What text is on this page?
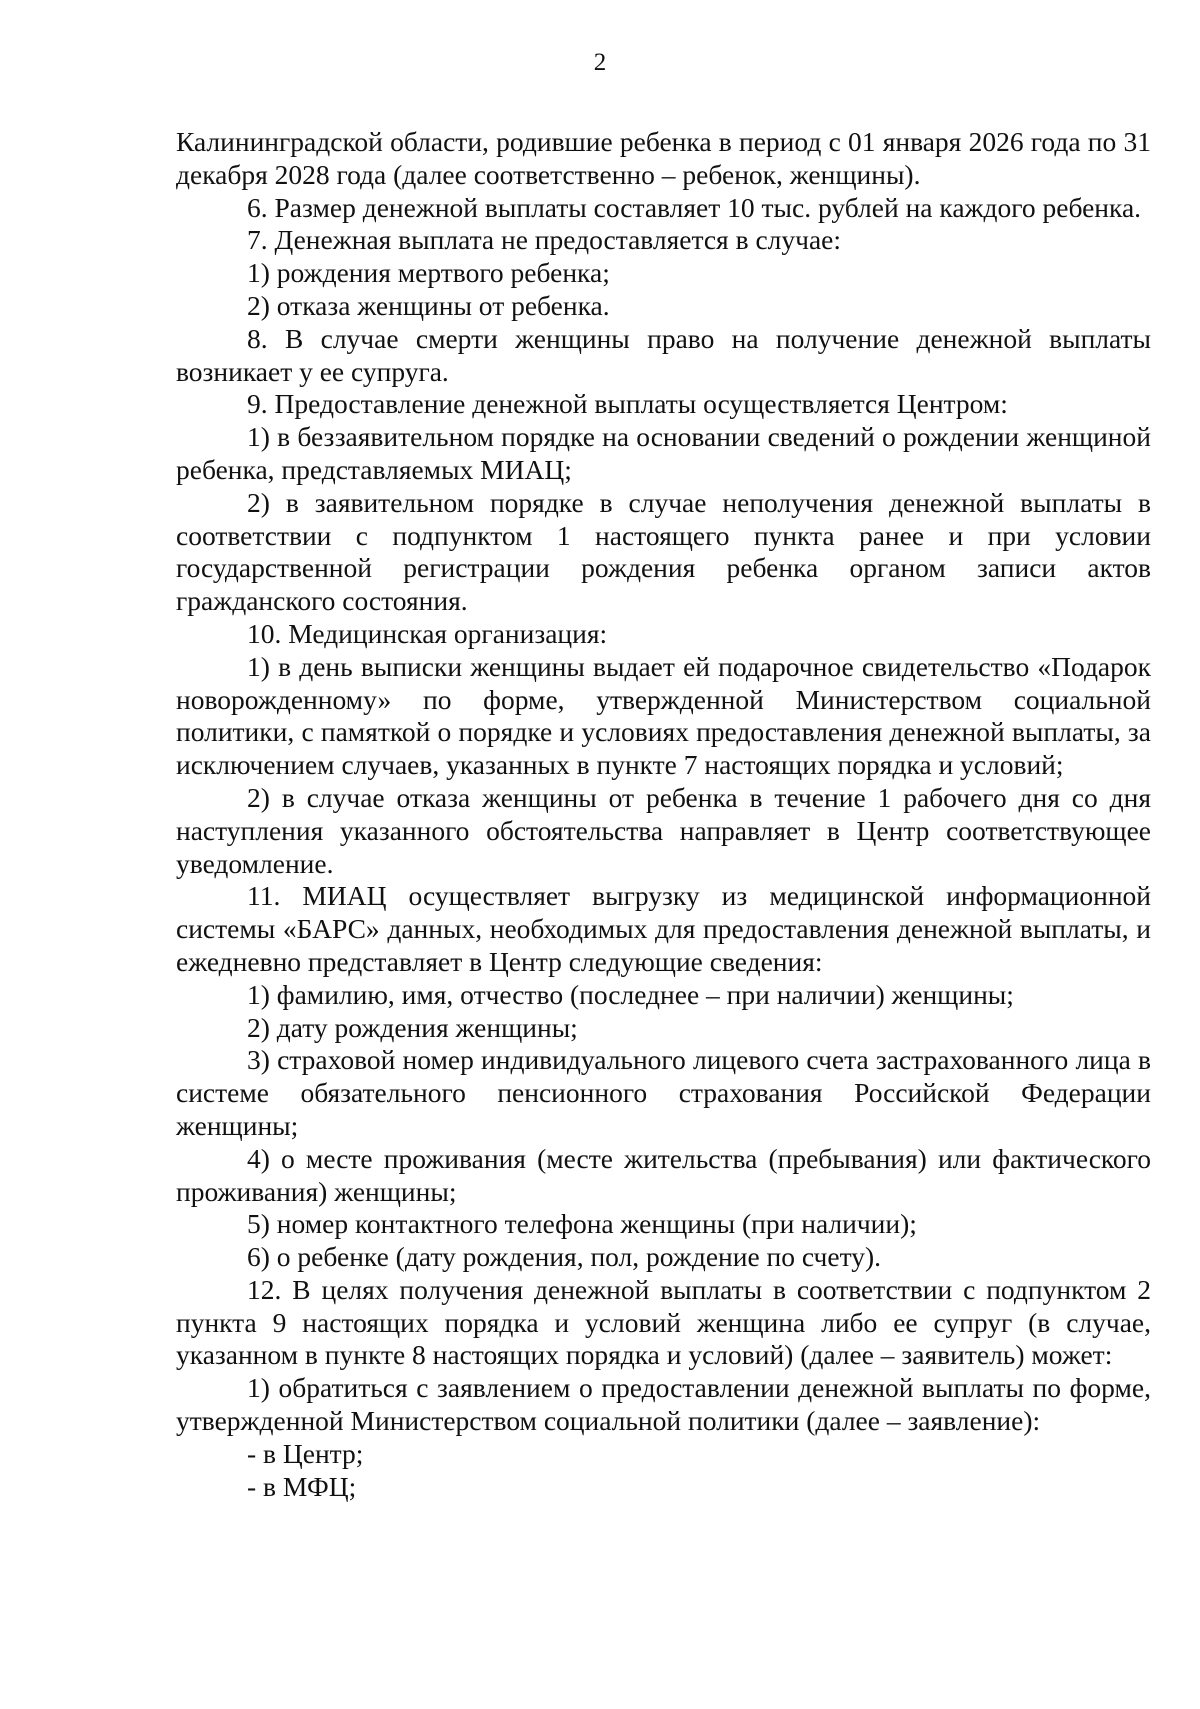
2

Калининградской области, родившие ребенка в период с 01 января 2026 года по 31 декабря 2028 года (далее соответственно – ребенок, женщины).

6. Размер денежной выплаты составляет 10 тыс. рублей на каждого ребенка.

7. Денежная выплата не предоставляется в случае:

1) рождения мертвого ребенка;

2) отказа женщины от ребенка.

8. В случае смерти женщины право на получение денежной выплаты возникает у ее супруга.

9. Предоставление денежной выплаты осуществляется Центром:

1) в беззаявительном порядке на основании сведений о рождении женщиной ребенка, представляемых МИАЦ;

2) в заявительном порядке в случае неполучения денежной выплаты в соответствии с подпунктом 1 настоящего пункта ранее и при условии государственной регистрации рождения ребенка органом записи актов гражданского состояния.

10. Медицинская организация:

1) в день выписки женщины выдает ей подарочное свидетельство «Подарок новорожденному» по форме, утвержденной Министерством социальной политики, с памяткой о порядке и условиях предоставления денежной выплаты, за исключением случаев, указанных в пункте 7 настоящих порядка и условий;

2) в случае отказа женщины от ребенка в течение 1 рабочего дня со дня наступления указанного обстоятельства направляет в Центр соответствующее уведомление.

11. МИАЦ осуществляет выгрузку из медицинской информационной системы «БАРС» данных, необходимых для предоставления денежной выплаты, и ежедневно представляет в Центр следующие сведения:

1) фамилию, имя, отчество (последнее – при наличии) женщины;

2) дату рождения женщины;

3) страховой номер индивидуального лицевого счета застрахованного лица в системе обязательного пенсионного страхования Российской Федерации женщины;

4) о месте проживания (месте жительства (пребывания) или фактического проживания) женщины;

5) номер контактного телефона женщины (при наличии);

6) о ребенке (дату рождения, пол, рождение по счету).

12. В целях получения денежной выплаты в соответствии с подпунктом 2 пункта 9 настоящих порядка и условий женщина либо ее супруг (в случае, указанном в пункте 8 настоящих порядка и условий) (далее – заявитель) может:

1) обратиться с заявлением о предоставлении денежной выплаты по форме, утвержденной Министерством социальной политики (далее – заявление):

- в Центр;

- в МФЦ;
